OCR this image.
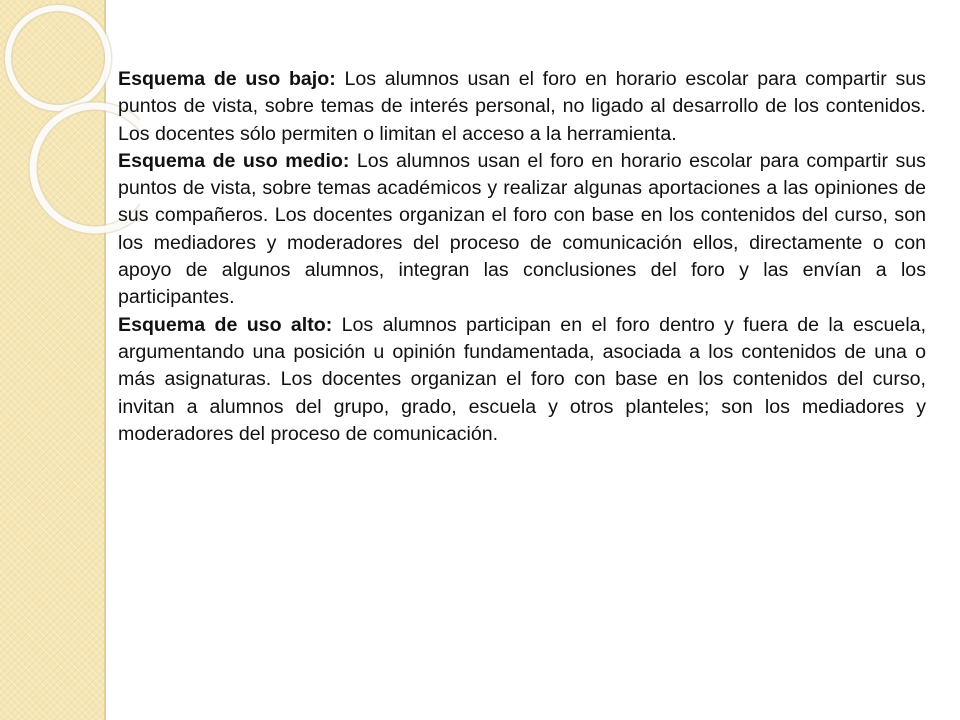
Esquema de uso bajo: Los alumnos usan el foro en horario escolar para compartir sus puntos de vista, sobre temas de interés personal, no ligado al desarrollo de los contenidos. Los docentes sólo permiten o limitan el acceso a la herramienta.

Esquema de uso medio: Los alumnos usan el foro en horario escolar para compartir sus puntos de vista, sobre temas académicos y realizar algunas aportaciones a las opiniones de sus compañeros. Los docentes organizan el foro con base en los contenidos del curso, son los mediadores y moderadores del proceso de comunicación ellos, directamente o con apoyo de algunos alumnos, integran las conclusiones del foro y las envían a los participantes.

Esquema de uso alto: Los alumnos participan en el foro dentro y fuera de la escuela, argumentando una posición u opinión fundamentada, asociada a los contenidos de una o más asignaturas. Los docentes organizan el foro con base en los contenidos del curso, invitan a alumnos del grupo, grado, escuela y otros planteles; son los mediadores y moderadores del proceso de comunicación.
